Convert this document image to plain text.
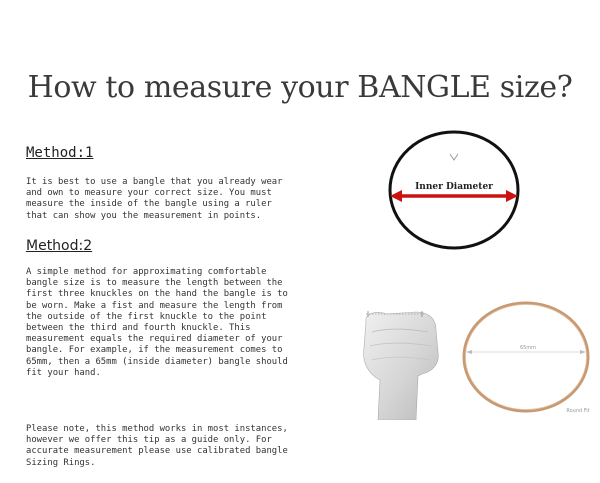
How to measure your BANGLE size?
Method:1
It is best to use a bangle that you already wear
and own to measure your correct size. You must
measure the inside of the bangle using a ruler
that can show you the measurement in points.
Method:2
A simple method for approximating comfortable
bangle size is to measure the length between the
first three knuckles on the hand the bangle is to
be worn. Make a fist and measure the length from
the outside of the first knuckle to the point
between the third and fourth knuckle. This
measurement equals the required diameter of your
bangle. For example, if the measurement comes to
65mm, then a 65mm (inside diameter) bangle should
fit your hand.
Please note, this method works in most instances,
however we offer this tip as a guide only. For
accurate measurement please use calibrated bangle
Sizing Rings.
Inner Diameter
65mm
Round Fit
